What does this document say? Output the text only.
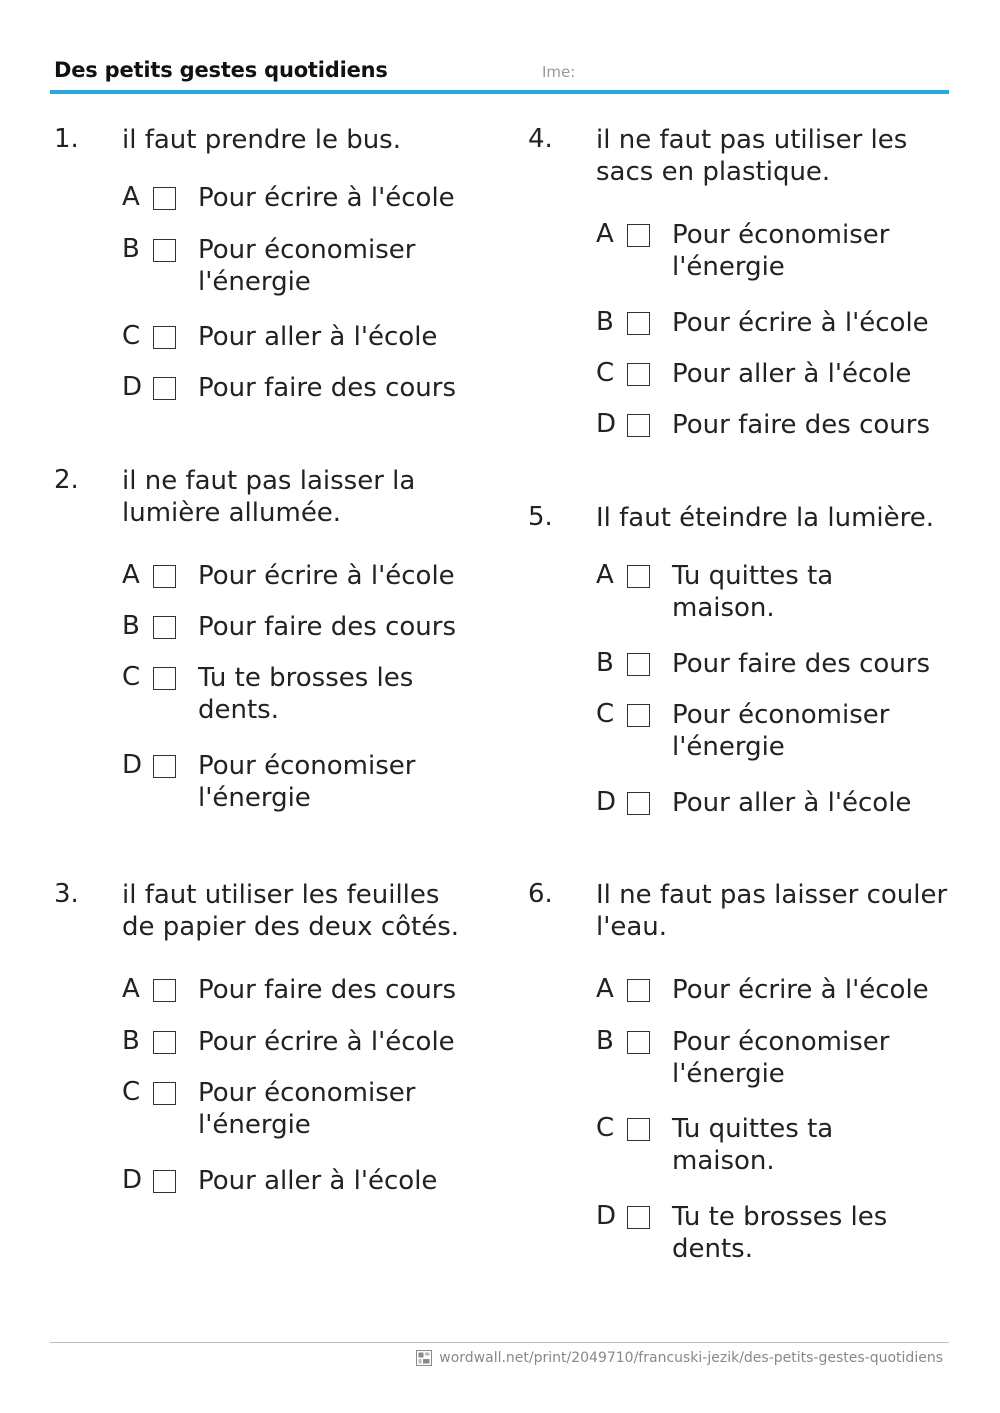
Des petits gestes quotidiens	Ime:
1. il faut prendre le bus.
A Pour écrire à l'école
B Pour économiser l'énergie
C Pour aller à l'école
D Pour faire des cours
2. il ne faut pas laisser la lumière allumée.
A Pour écrire à l'école
B Pour faire des cours
C Tu te brosses les dents.
D Pour économiser l'énergie
3. il faut utiliser les feuilles de papier des deux côtés.
A Pour faire des cours
B Pour écrire à l'école
C Pour économiser l'énergie
D Pour aller à l'école
4. il ne faut pas utiliser les sacs en plastique.
A Pour économiser l'énergie
B Pour écrire à l'école
C Pour aller à l'école
D Pour faire des cours
5. Il faut éteindre la lumière.
A Tu quittes ta maison.
B Pour faire des cours
C Pour économiser l'énergie
D Pour aller à l'école
6. Il ne faut pas laisser couler l'eau.
A Pour écrire à l'école
B Pour économiser l'énergie
C Tu quittes ta maison.
D Tu te brosses les dents.
wordwall.net/print/2049710/francuski-jezik/des-petits-gestes-quotidiens
